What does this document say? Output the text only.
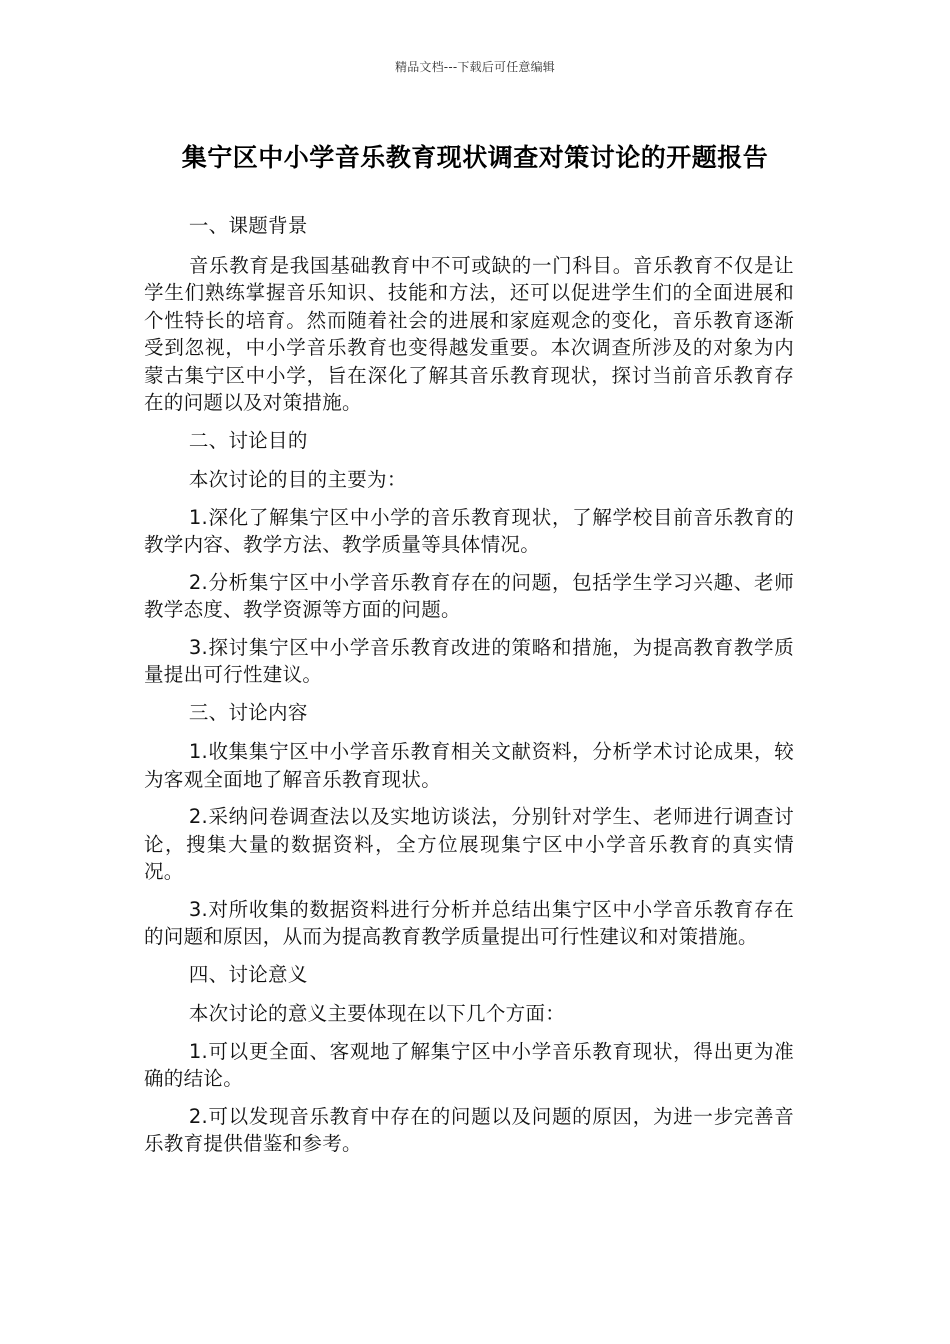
精品文档---下载后可任意编辑
集宁区中小学音乐教育现状调查对策讨论的开题报告

一、课题背景

音乐教育是我国基础教育中不可或缺的一门科目。音乐教育不仅是让学生们熟练掌握音乐知识、技能和方法，还可以促进学生们的全面进展和个性特长的培育。然而随着社会的进展和家庭观念的变化，音乐教育逐渐受到忽视，中小学音乐教育也变得越发重要。本次调查所涉及的对象为内蒙古集宁区中小学，旨在深化了解其音乐教育现状，探讨当前音乐教育存在的问题以及对策措施。

二、讨论目的

本次讨论的目的主要为：

1.深化了解集宁区中小学的音乐教育现状，了解学校目前音乐教育的教学内容、教学方法、教学质量等具体情况。

2.分析集宁区中小学音乐教育存在的问题，包括学生学习兴趣、老师教学态度、教学资源等方面的问题。

3.探讨集宁区中小学音乐教育改进的策略和措施，为提高教育教学质量提出可行性建议。

三、讨论内容

1.收集集宁区中小学音乐教育相关文献资料，分析学术讨论成果，较为客观全面地了解音乐教育现状。

2.采纳问卷调查法以及实地访谈法，分别针对学生、老师进行调查讨论，搜集大量的数据资料，全方位展现集宁区中小学音乐教育的真实情况。

3.对所收集的数据资料进行分析并总结出集宁区中小学音乐教育存在的问题和原因，从而为提高教育教学质量提出可行性建议和对策措施。

四、讨论意义

本次讨论的意义主要体现在以下几个方面：

1.可以更全面、客观地了解集宁区中小学音乐教育现状，得出更为准确的结论。

2.可以发现音乐教育中存在的问题以及问题的原因，为进一步完善音乐教育提供借鉴和参考。
